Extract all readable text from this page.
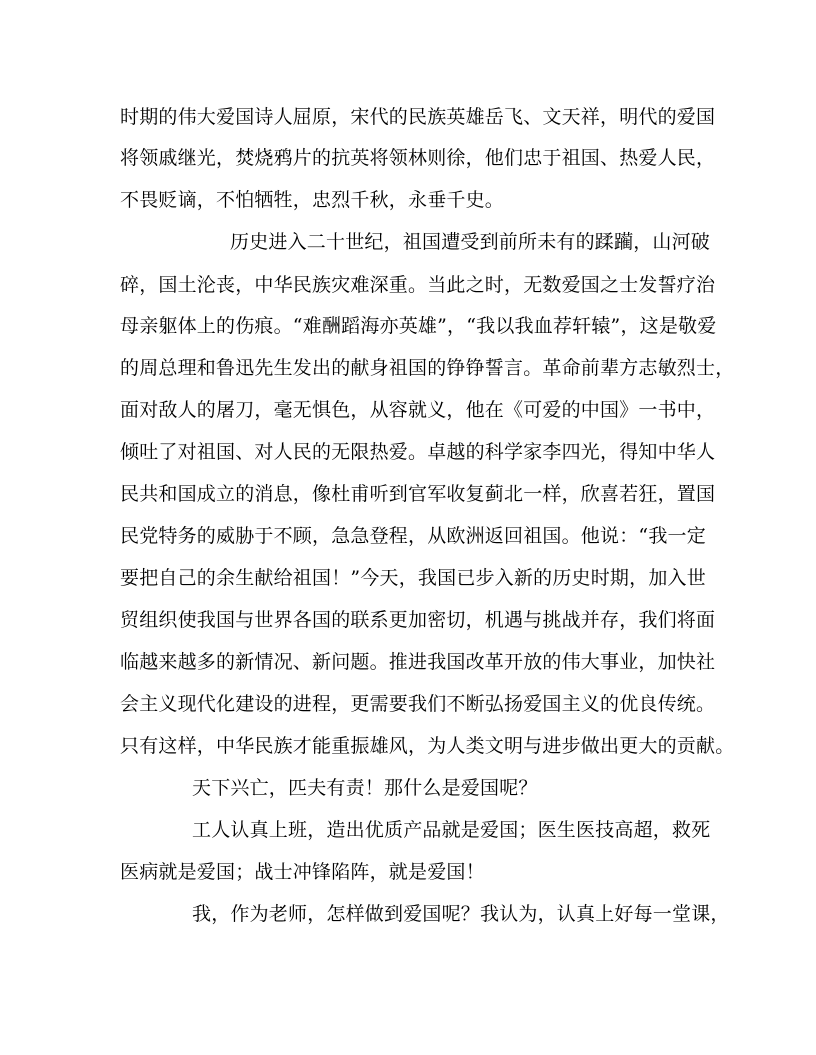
时期的伟大爱国诗人屈原，宋代的民族英雄岳飞、文天祥，明代的爱国
将领戚继光，焚烧鸦片的抗英将领林则徐，他们忠于祖国、热爱人民，
不畏贬谪，不怕牺牲，忠烈千秋，永垂千史。
历史进入二十世纪，祖国遭受到前所未有的蹂躏，山河破
碎，国土沦丧，中华民族灾难深重。当此之时，无数爱国之士发誓疗治
母亲躯体上的伤痕。“难酬蹈海亦英雄”，“我以我血荐轩辕”，这是敬爱
的周总理和鲁迅先生发出的献身祖国的铮铮誓言。革命前辈方志敏烈士，
面对敌人的屠刀，毫无惧色，从容就义，他在《可爱的中国》一书中，
倾吐了对祖国、对人民的无限热爱。卓越的科学家李四光，得知中华人
民共和国成立的消息，像杜甫听到官军收复蓟北一样，欣喜若狂，置国
民党特务的威胁于不顾，急急登程，从欧洲返回祖国。他说：“我一定
要把自己的余生献给祖国！”今天，我国已步入新的历史时期，加入世
贸组织使我国与世界各国的联系更加密切，机遇与挑战并存，我们将面
临越来越多的新情况、新问题。推进我国改革开放的伟大事业，加快社
会主义现代化建设的进程，更需要我们不断弘扬爱国主义的优良传统。
只有这样，中华民族才能重振雄风，为人类文明与进步做出更大的贡献。
天下兴亡，匹夫有责！那什么是爱国呢？
工人认真上班，造出优质产品就是爱国；医生医技高超，救死
医病就是爱国；战士冲锋陷阵，就是爱国！
我，作为老师，怎样做到爱国呢？我认为，认真上好每一堂课，
